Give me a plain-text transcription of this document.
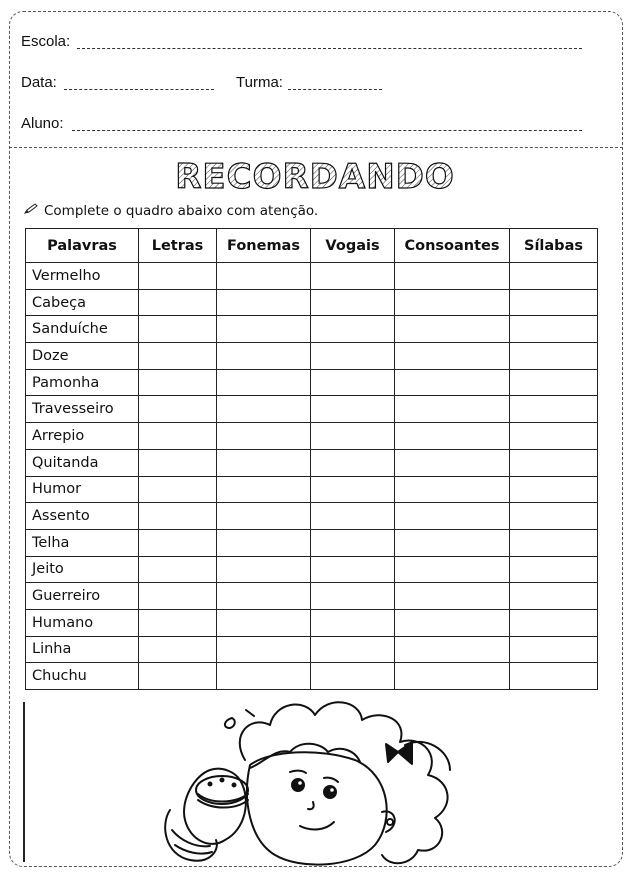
Escola:
Data:	Turma:
Aluno:
RECORDANDO
Complete o quadro abaixo com atenção.
Palavras	Letras	Fonemas	Vogais	Consoantes	Sílabas
Vermelho					
Cabeça					
Sanduíche					
Doze					
Pamonha					
Travesseiro					
Arrepio					
Quitanda					
Humor					
Assento					
Telha					
Jeito					
Guerreiro					
Humano					
Linha					
Chuchu					
